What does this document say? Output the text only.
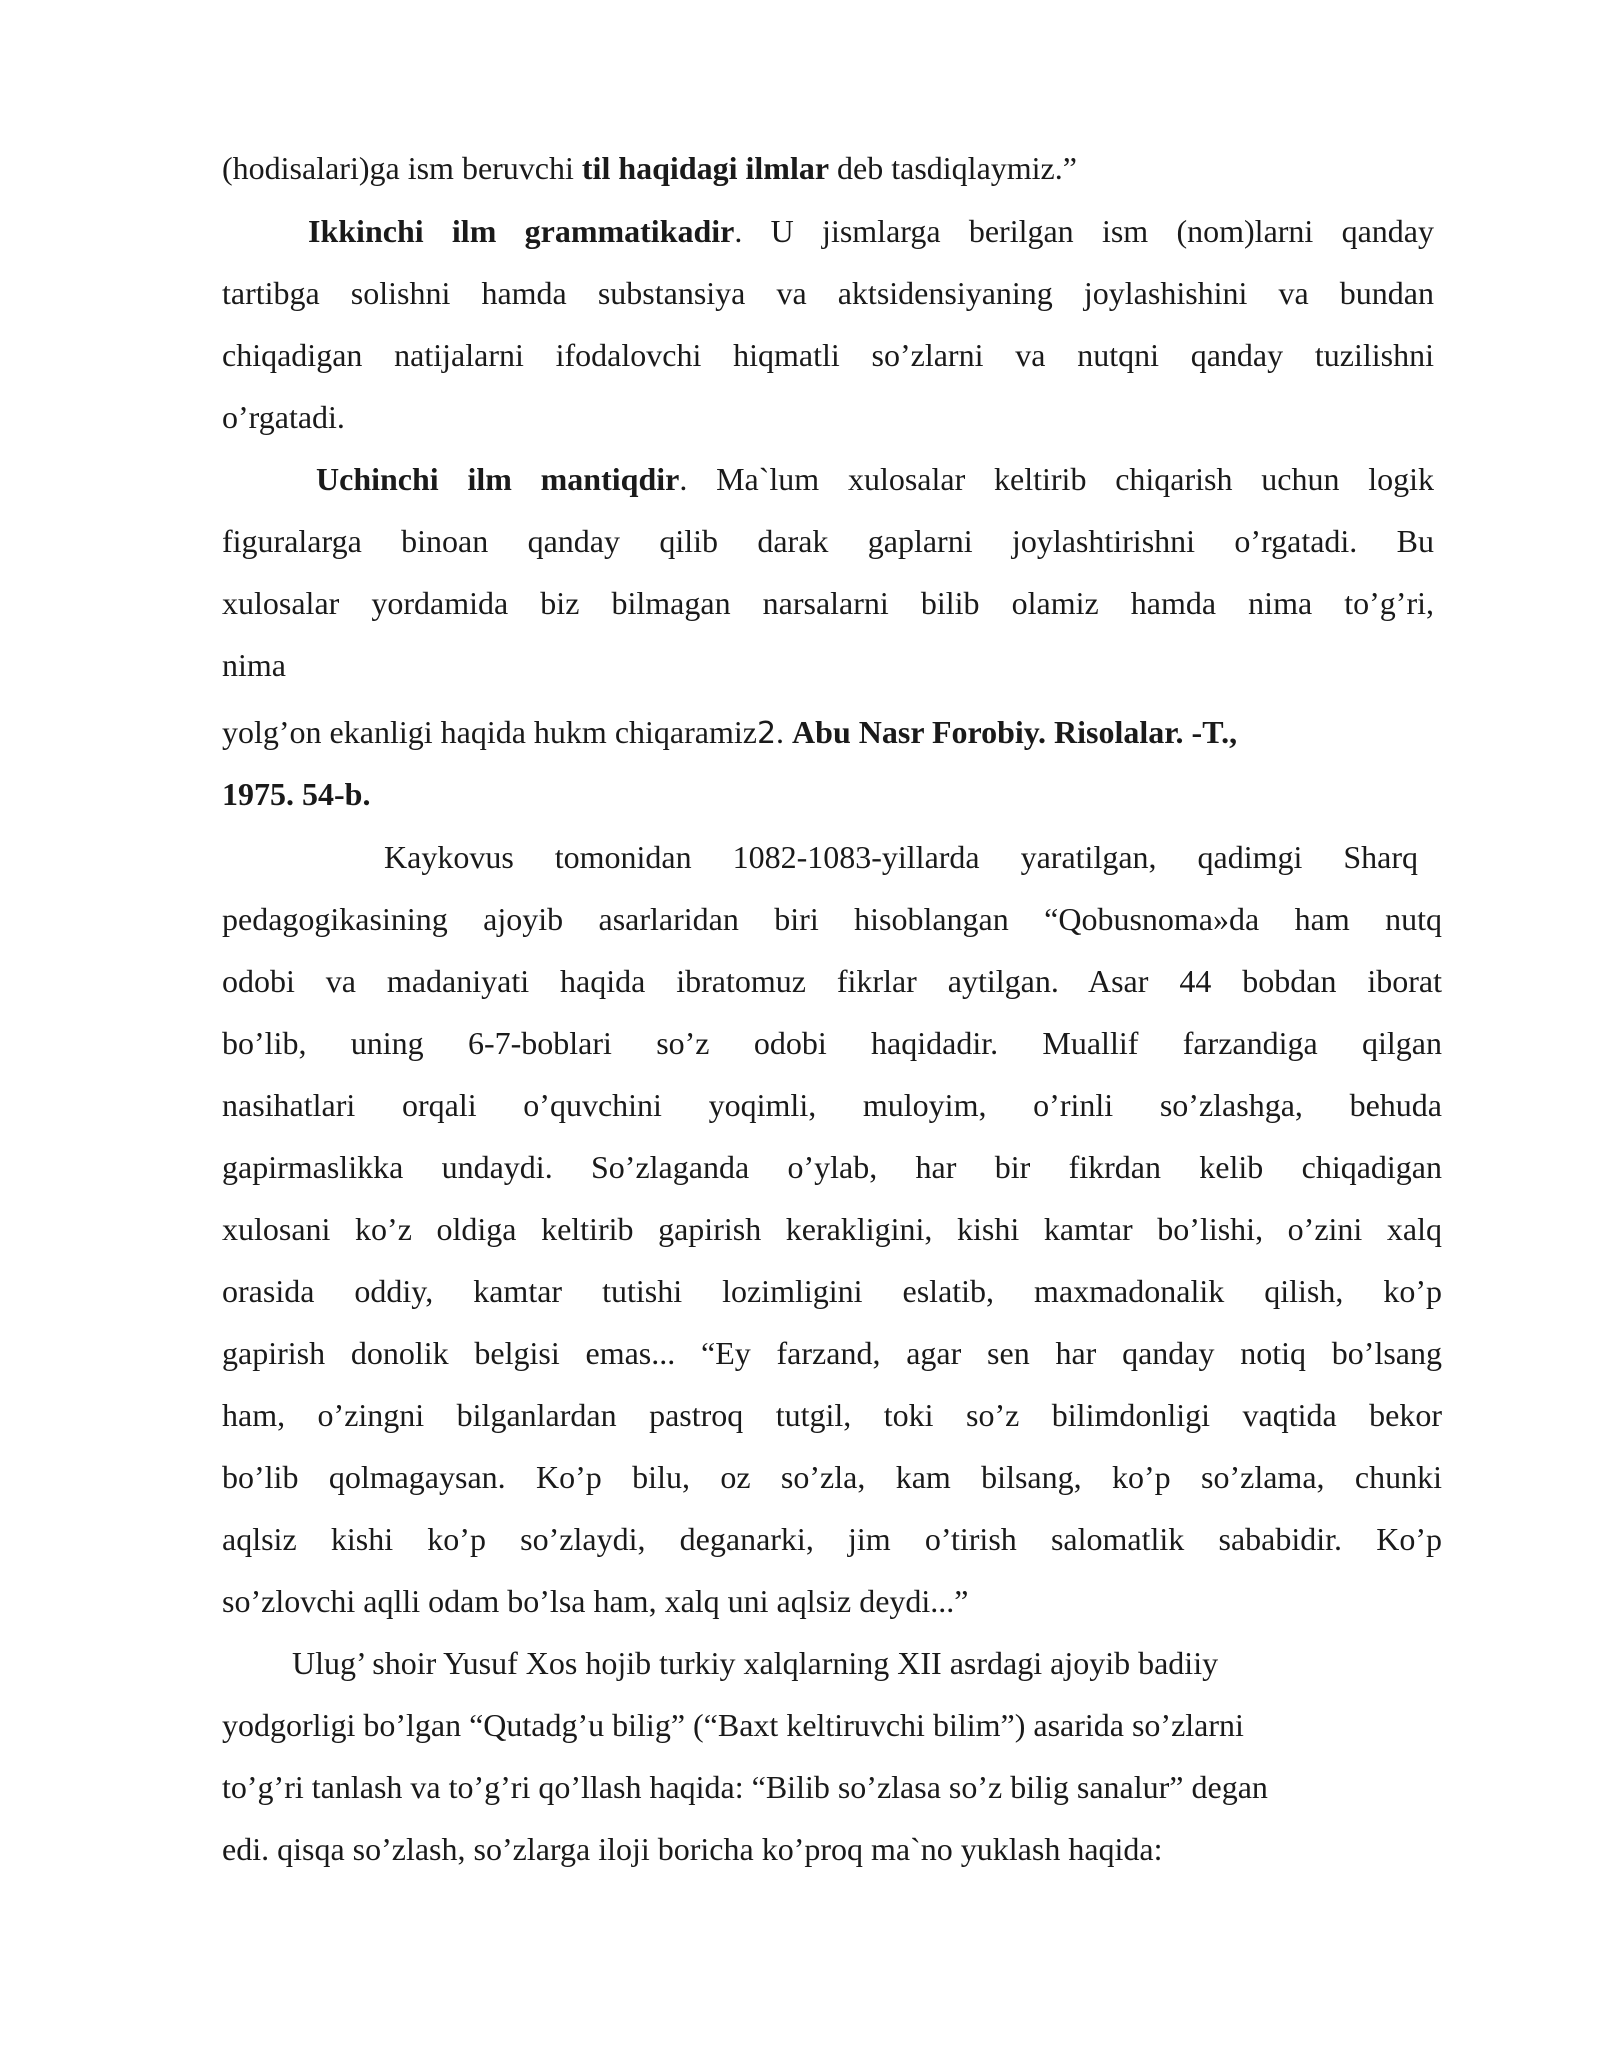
(hodisalari)ga ism beruvchi til haqidagi ilmlar deb tasdiqlaymiz.”
Ikkinchi ilm grammatikadir. U jismlarga berilgan ism (nom)larni qanday
tartibga solishni hamda substansiya va aktsidensiyaning joylashishini va bundan
chiqadigan natijalarni ifodalovchi hiqmatli so’zlarni va nutqni qanday tuzilishni
o’rgatadi.
Uchinchi ilm mantiqdir. Ma`lum xulosalar keltirib chiqarish uchun logik
figuralarga binoan qanday qilib darak gaplarni joylashtirishni o’rgatadi. Bu
xulosalar yordamida biz bilmagan narsalarni bilib olamiz hamda nima to’g’ri,
nima
yolg’on ekanligi haqida hukm chiqaramiz2. Abu Nasr Forobiy. Risolalar. -T.,
1975. 54-b.
Kaykovus tomonidan 1082-1083-yillarda yaratilgan, qadimgi Sharq
pedagogikasining ajoyib asarlaridan biri hisoblangan “Qobusnoma»da ham nutq
odobi va madaniyati haqida ibratomuz fikrlar aytilgan. Asar 44 bobdan iborat
bo’lib, uning 6-7-boblari so’z odobi haqidadir. Muallif farzandiga qilgan
nasihatlari orqali o’quvchini yoqimli, muloyim, o’rinli so’zlashga, behuda
gapirmaslikka undaydi. So’zlaganda o’ylab, har bir fikrdan kelib chiqadigan
xulosani ko’z oldiga keltirib gapirish kerakligini, kishi kamtar bo’lishi, o’zini xalq
orasida oddiy, kamtar tutishi lozimligini eslatib, maxmadonalik qilish, ko’p
gapirish donolik belgisi emas... “Ey farzand, agar sen har qanday notiq bo’lsang
ham, o’zingni bilganlardan pastroq tutgil, toki so’z bilimdonligi vaqtida bekor
bo’lib qolmagaysan. Ko’p bilu, oz so’zla, kam bilsang, ko’p so’zlama, chunki
aqlsiz kishi ko’p so’zlaydi, deganarki, jim o’tirish salomatlik sababidir. Ko’p
so’zlovchi aqlli odam bo’lsa ham, xalq uni aqlsiz deydi...”
Ulug’ shoir Yusuf Xos hojib turkiy xalqlarning XII asrdagi ajoyib badiiy
yodgorligi bo’lgan “Qutadg’u bilig” (“Baxt keltiruvchi bilim”) asarida so’zlarni
to’g’ri tanlash va to’g’ri qo’llash haqida: “Bilib so’zlasa so’z bilig sanalur” degan
edi. qisqa so’zlash, so’zlarga iloji boricha ko’proq ma`no yuklash haqida:
